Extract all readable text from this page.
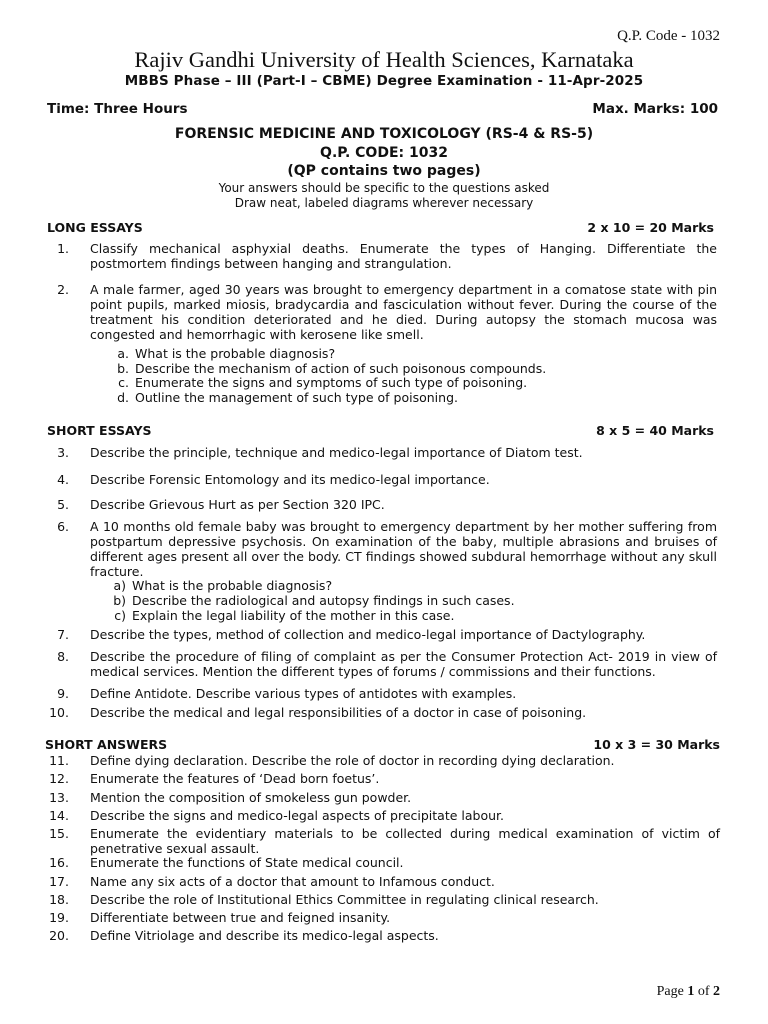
Q.P. Code - 1032
Rajiv Gandhi University of Health Sciences, Karnataka
MBBS Phase – III (Part-I – CBME) Degree Examination - 11-Apr-2025
Time: Three Hours	Max. Marks: 100
FORENSIC MEDICINE AND TOXICOLOGY (RS-4 & RS-5)
Q.P. CODE: 1032
(QP contains two pages)
Your answers should be specific to the questions asked
Draw neat, labeled diagrams wherever necessary
LONG ESSAYS	2 x 10 = 20 Marks
1. Classify mechanical asphyxial deaths. Enumerate the types of Hanging. Differentiate the postmortem findings between hanging and strangulation.
2. A male farmer, aged 30 years was brought to emergency department in a comatose state with pin point pupils, marked miosis, bradycardia and fasciculation without fever. During the course of the treatment his condition deteriorated and he died. During autopsy the stomach mucosa was congested and hemorrhagic with kerosene like smell.
a. What is the probable diagnosis?
b. Describe the mechanism of action of such poisonous compounds.
c. Enumerate the signs and symptoms of such type of poisoning.
d. Outline the management of such type of poisoning.
SHORT ESSAYS	8 x 5 = 40 Marks
3. Describe the principle, technique and medico-legal importance of Diatom test.
4. Describe Forensic Entomology and its medico-legal importance.
5. Describe Grievous Hurt as per Section 320 IPC.
6. A 10 months old female baby was brought to emergency department by her mother suffering from postpartum depressive psychosis. On examination of the baby, multiple abrasions and bruises of different ages present all over the body. CT findings showed subdural hemorrhage without any skull fracture.
a) What is the probable diagnosis?
b) Describe the radiological and autopsy findings in such cases.
c) Explain the legal liability of the mother in this case.
7. Describe the types, method of collection and medico-legal importance of Dactylography.
8. Describe the procedure of filing of complaint as per the Consumer Protection Act- 2019 in view of medical services. Mention the different types of forums / commissions and their functions.
9. Define Antidote. Describe various types of antidotes with examples.
10. Describe the medical and legal responsibilities of a doctor in case of poisoning.
SHORT ANSWERS	10 x 3 = 30 Marks
11. Define dying declaration. Describe the role of doctor in recording dying declaration.
12. Enumerate the features of ‘Dead born foetus’.
13. Mention the composition of smokeless gun powder.
14. Describe the signs and medico-legal aspects of precipitate labour.
15. Enumerate the evidentiary materials to be collected during medical examination of victim of penetrative sexual assault.
16. Enumerate the functions of State medical council.
17. Name any six acts of a doctor that amount to Infamous conduct.
18. Describe the role of Institutional Ethics Committee in regulating clinical research.
19. Differentiate between true and feigned insanity.
20. Define Vitriolage and describe its medico-legal aspects.
Page 1 of 2
